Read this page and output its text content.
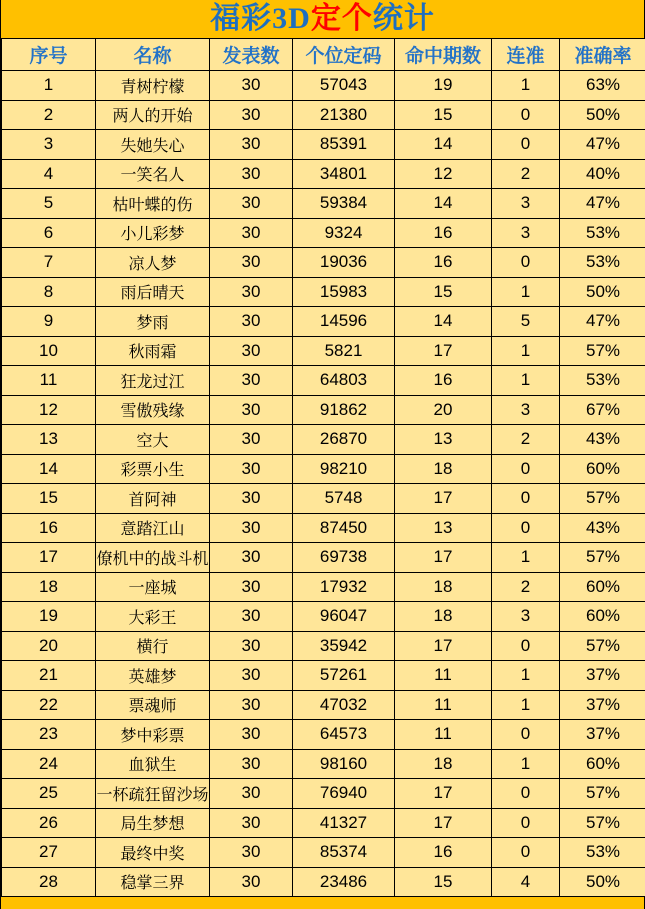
福彩3D 定个 统计
序号	名称	发表数	个位定码	命中期数	连准	准确率
1	青树柠檬	30	57043	19	1	63%
2	两人的开始	30	21380	15	0	50%
3	失她失心	30	85391	14	0	47%
4	一笑名人	30	34801	12	2	40%
5	枯叶蝶的伤	30	59384	14	3	47%
6	小儿彩梦	30	9324	16	3	53%
7	凉人梦	30	19036	16	0	53%
8	雨后晴天	30	15983	15	1	50%
9	梦雨	30	14596	14	5	47%
10	秋雨霜	30	5821	17	1	57%
11	狂龙过江	30	64803	16	1	53%
12	雪傲残缘	30	91862	20	3	67%
13	空大	30	26870	13	2	43%
14	彩票小生	30	98210	18	0	60%
15	首阿神	30	5748	17	0	57%
16	意踏江山	30	87450	13	0	43%
17	僚机中的战斗机	30	69738	17	1	57%
18	一座城	30	17932	18	2	60%
19	大彩王	30	96047	18	3	60%
20	横行	30	35942	17	0	57%
21	英雄梦	30	57261	11	1	37%
22	票魂师	30	47032	11	1	37%
23	梦中彩票	30	64573	11	0	37%
24	血狱生	30	98160	18	1	60%
25	一杯疏狂留沙场	30	76940	17	0	57%
26	局生梦想	30	41327	17	0	57%
27	最终中奖	30	85374	16	0	53%
28	稳掌三界	30	23486	15	4	50%
